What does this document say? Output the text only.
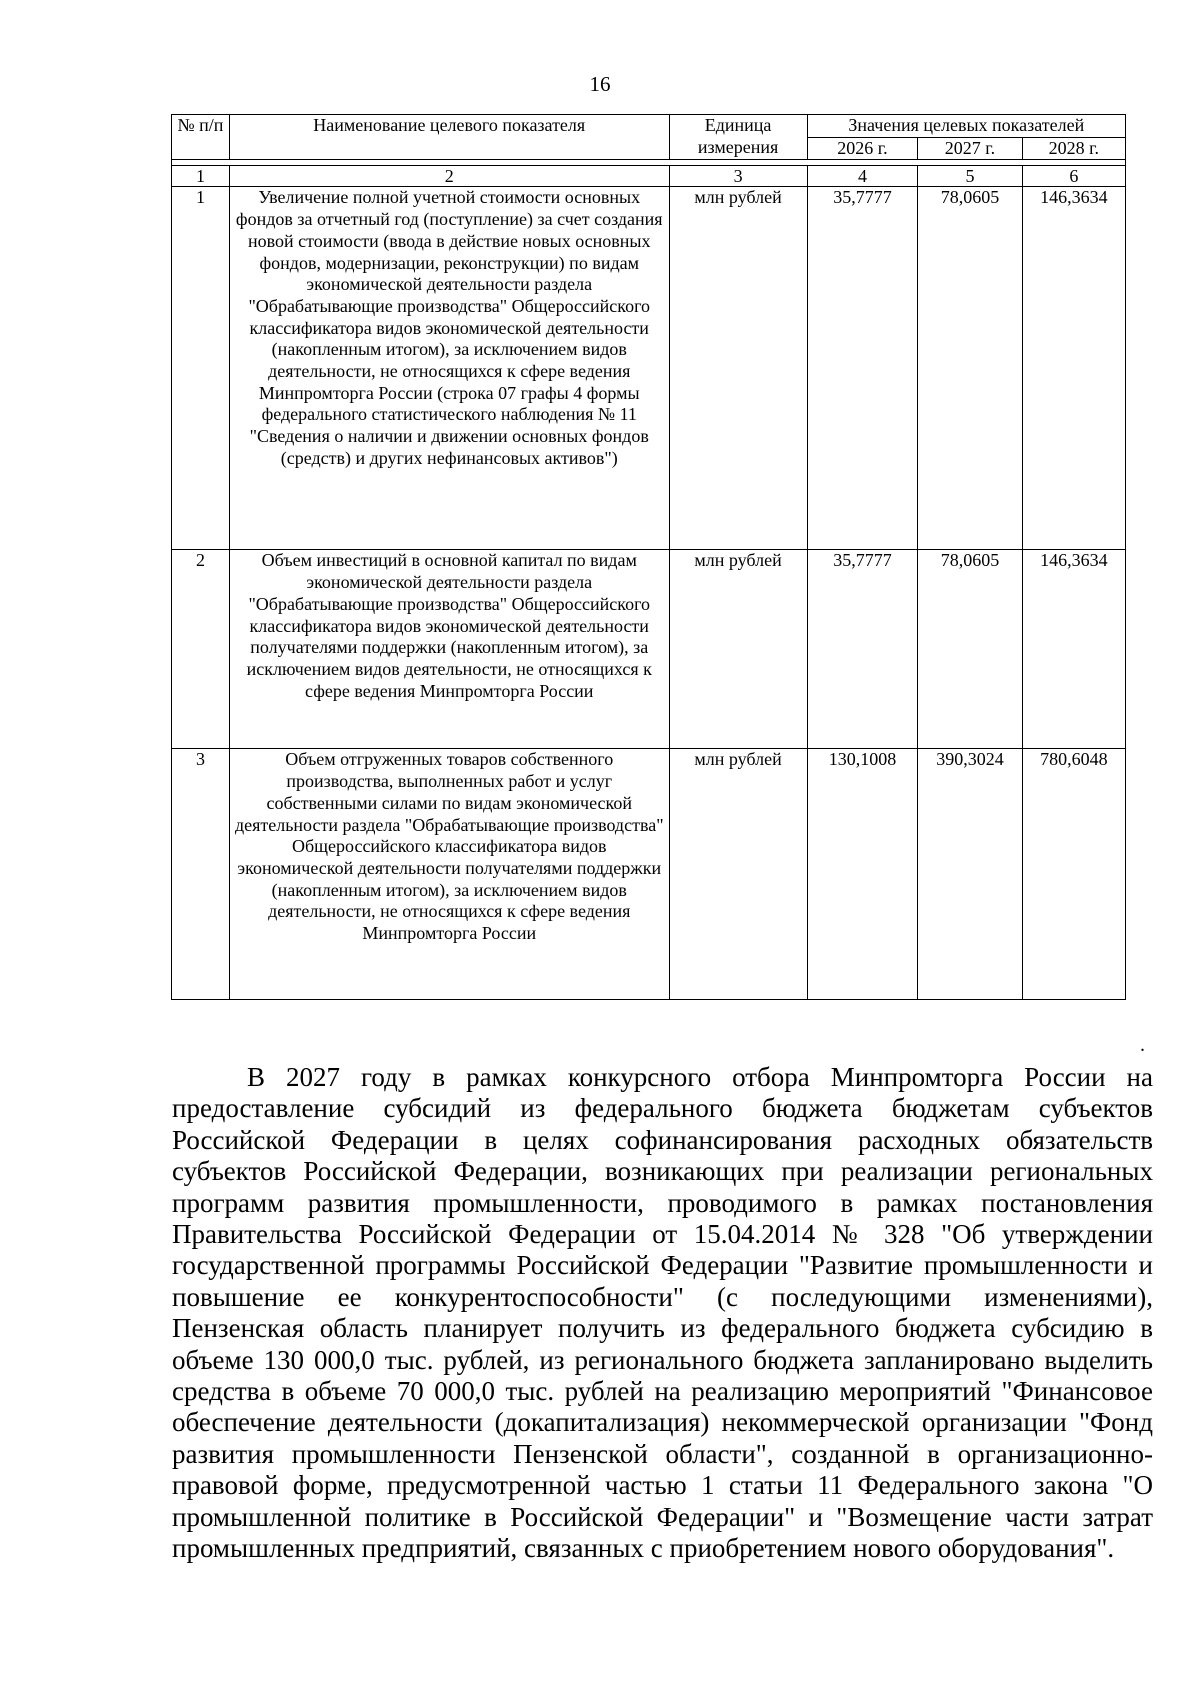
16
№ п/п	Наименование целевого показателя	Единица измерения	Значения целевых показателей		
			2026 г.	2027 г.	2028 г.

1	2	3	4	5	6
1	Увеличение полной учетной стоимости основных фондов за отчетный год (поступление) за счет создания новой стоимости (ввода в действие новых основных фондов, модернизации, реконструкции) по видам экономической деятельности раздела "Обрабатывающие производства" Общероссийского классификатора видов экономической деятельности (накопленным итогом), за исключением видов деятельности, не относящихся к сфере ведения Минпромторга России (строка 07 графы 4 формы федерального статистического наблюдения № 11 "Сведения о наличии и движении основных фондов (средств) и других нефинансовых активов")	млн рублей	35,7777	78,0605	146,3634
2	Объем инвестиций в основной капитал по видам экономической деятельности раздела "Обрабатывающие производства" Общероссийского классификатора видов экономической деятельности получателями поддержки (накопленным итогом), за исключением видов деятельности, не относящихся к сфере ведения Минпромторга России	млн рублей	35,7777	78,0605	146,3634
3	Объем отгруженных товаров собственного производства, выполненных работ и услуг собственными силами по видам экономической деятельности раздела "Обрабатывающие производства" Общероссийского классификатора видов экономической деятельности получателями поддержки (накопленным итогом), за исключением видов деятельности, не относящихся к сфере ведения Минпромторга России	млн рублей	130,1008	390,3024	780,6048
.

В 2027 году в рамках конкурсного отбора Минпромторга России на предоставление субсидий из федерального бюджета бюджетам субъектов Российской Федерации в целях софинансирования расходных обязательств субъектов Российской Федерации, возникающих при реализации региональных программ развития промышленности, проводимого в рамках постановления Правительства Российской Федерации от 15.04.2014 № 328 "Об утверждении государственной программы Российской Федерации "Развитие промышленности и повышение ее конкурентоспособности" (с последующими изменениями), Пензенская область планирует получить из федерального бюджета субсидию в объеме 130 000,0 тыс. рублей, из регионального бюджета запланировано выделить средства в объеме 70 000,0 тыс. рублей на реализацию мероприятий "Финансовое обеспечение деятельности (докапитализация) некоммерческой организации "Фонд развития промышленности Пензенской области", созданной в организационно-правовой форме, предусмотренной частью 1 статьи 11 Федерального закона "О промышленной политике в Российской Федерации" и "Возмещение части затрат промышленных предприятий, связанных с приобретением нового оборудования".
